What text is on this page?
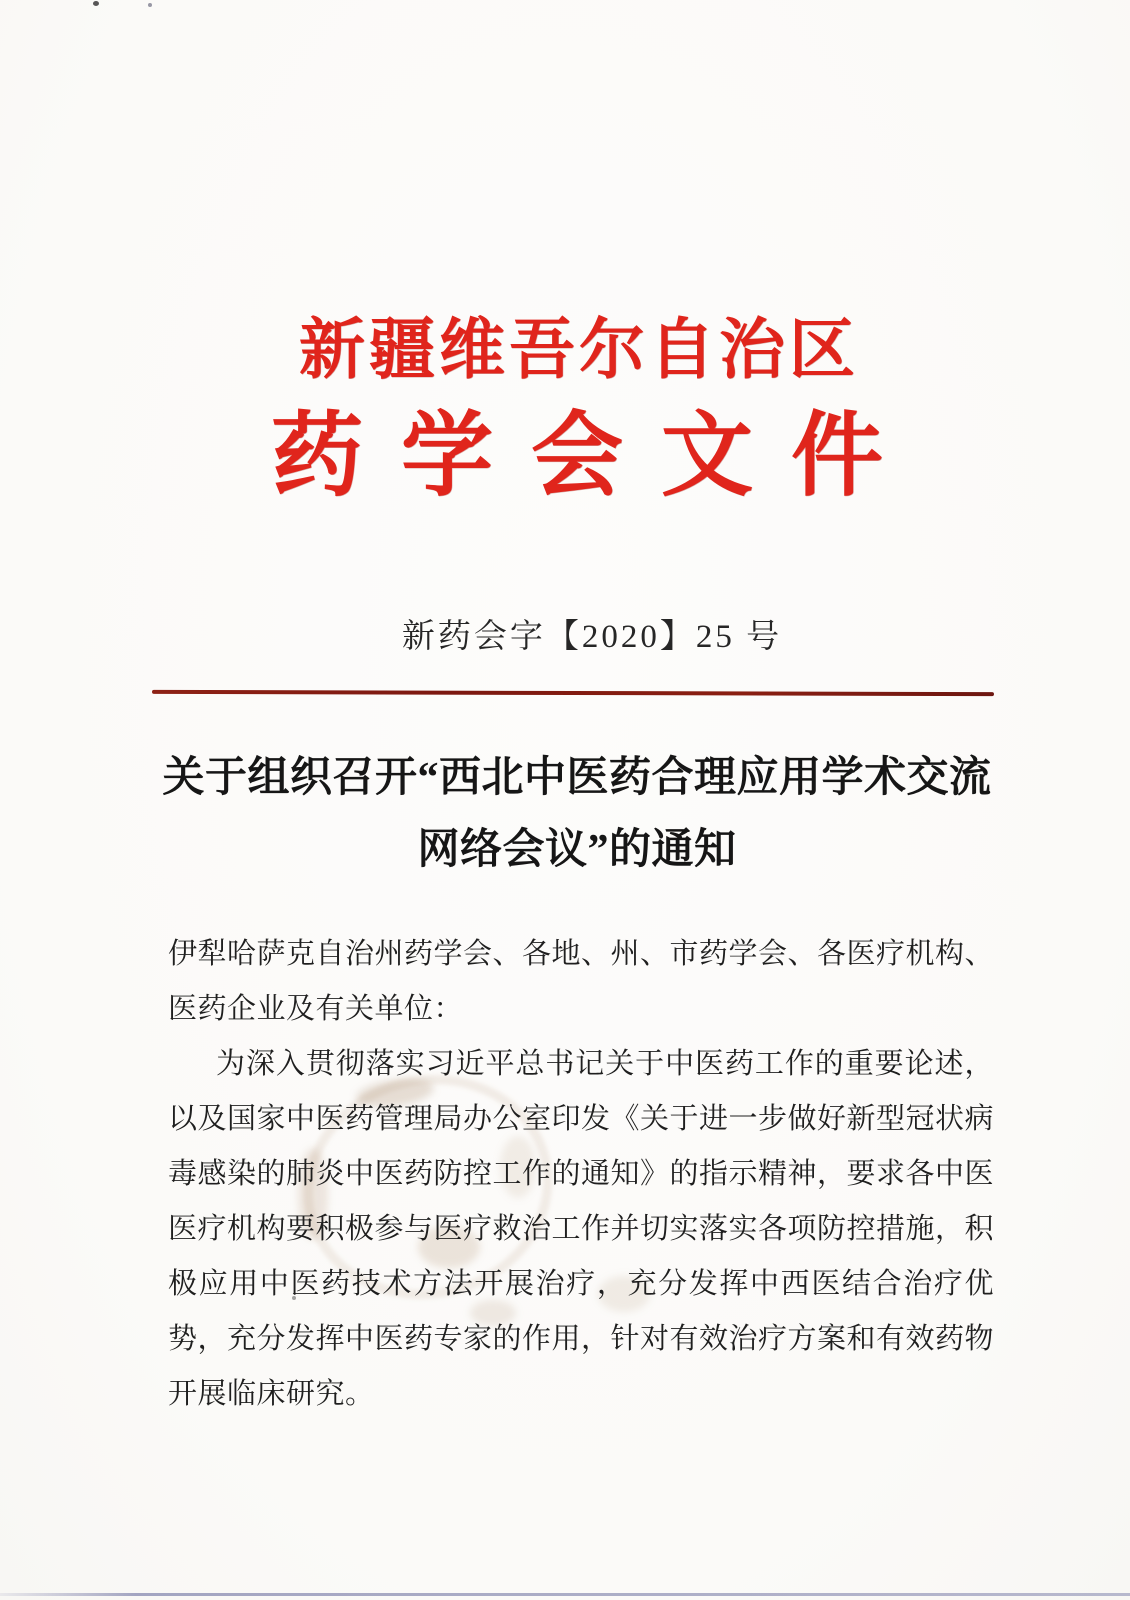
新疆维吾尔自治区
药学会文件
新药会字【2020】25 号
关于组织召开“西北中医药合理应用学术交流
网络会议”的通知
伊犁哈萨克自治州药学会、各地、州、市药学会、各医疗机构、医药企业及有关单位：
为深入贯彻落实习近平总书记关于中医药工作的重要论述，以及国家中医药管理局办公室印发《关于进一步做好新型冠状病毒感染的肺炎中医药防控工作的通知》的指示精神，要求各中医医疗机构要积极参与医疗救治工作并切实落实各项防控措施，积极应用中医药技术方法开展治疗，充分发挥中西医结合治疗优势，充分发挥中医药专家的作用，针对有效治疗方案和有效药物开展临床研究。
